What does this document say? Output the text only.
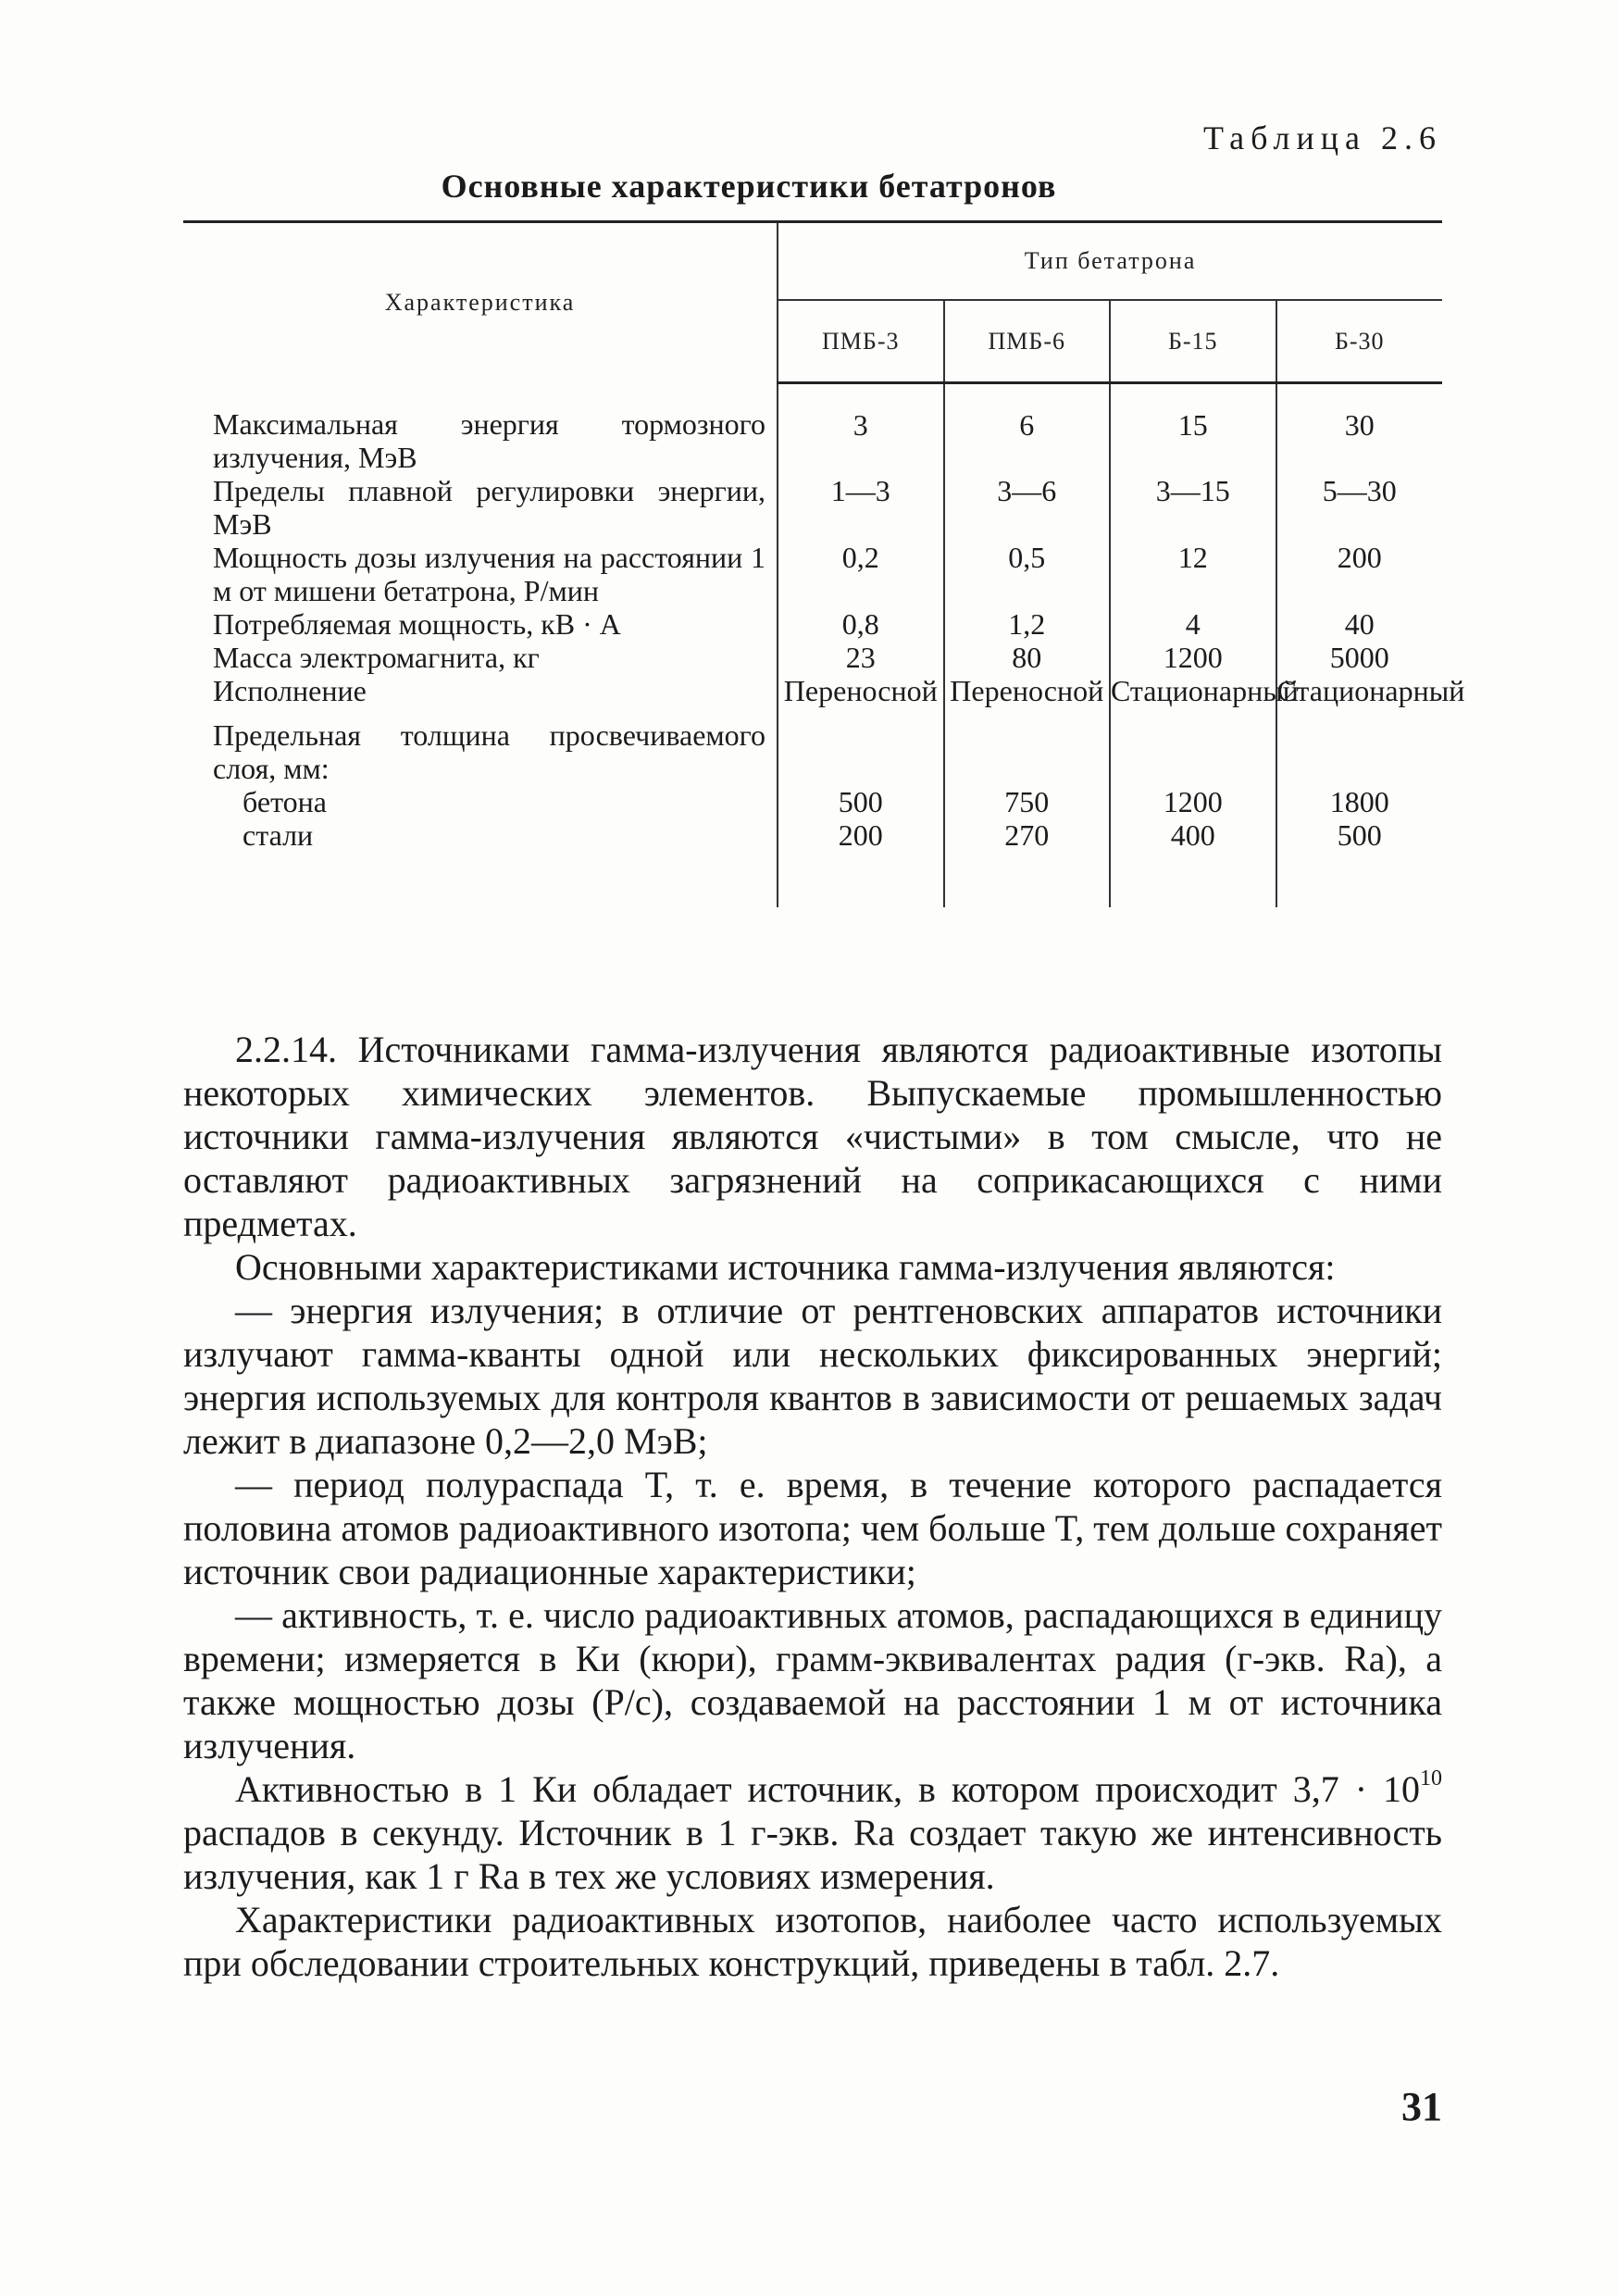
Таблица 2.6
Основные характеристики бетатронов
Характеристика	Тип бетатрона			
	ПМБ-3	ПМБ-6	Б-15	Б-30
Максимальная энергия тормозного излучения, МэВ	3	6	15	30
Пределы плавной регулировки энергии, МэВ	1—3	3—6	3—15	5—30
Мощность дозы излучения на расстоянии 1 м от мишени бетатрона, Р/мин	0,2	0,5	12	200
Потребляемая мощность, кВ · А	0,8	1,2	4	40
Масса электромагнита, кг	23	80	1200	5000
Исполнение	Переносной	Переносной	Стационарный	Стационарный
Предельная толщина просвечиваемого слоя, мм:				

бетона	500	750	1200	1800

стали	200	270	400	500

2.2.14. Источниками гамма-излучения являются радиоактивные изотопы некоторых химических элементов. Выпускаемые промышленностью источники гамма-излучения являются «чистыми» в том смысле, что не оставляют радиоактивных загрязнений на соприкасающихся с ними предметах.

Основными характеристиками источника гамма-излучения являются:

— энергия излучения; в отличие от рентгеновских аппаратов источники излучают гамма-кванты одной или нескольких фиксированных энергий; энергия используемых для контроля квантов в зависимости от решаемых задач лежит в диапазоне 0,2—2,0 МэВ;

— период полураспада T, т. е. время, в течение которого распадается половина атомов радиоактивного изотопа; чем больше T, тем дольше сохраняет источник свои радиационные характеристики;

— активность, т. е. число радиоактивных атомов, распадающихся в единицу времени; измеряется в Ки (кюри), грамм-эквивалентах радия (г-экв. Ra), а также мощностью дозы (Р/с), создаваемой на расстоянии 1 м от источника излучения.

Активностью в 1 Ки обладает источник, в котором происходит $3,7 \cdot 10^{10}$ распадов в секунду. Источник в 1 г-экв. Ra создает такую же интенсивность излучения, как 1 г Ra в тех же условиях измерения.

Характеристики радиоактивных изотопов, наиболее часто используемых при обследовании строительных конструкций, приведены в табл. 2.7.

31
